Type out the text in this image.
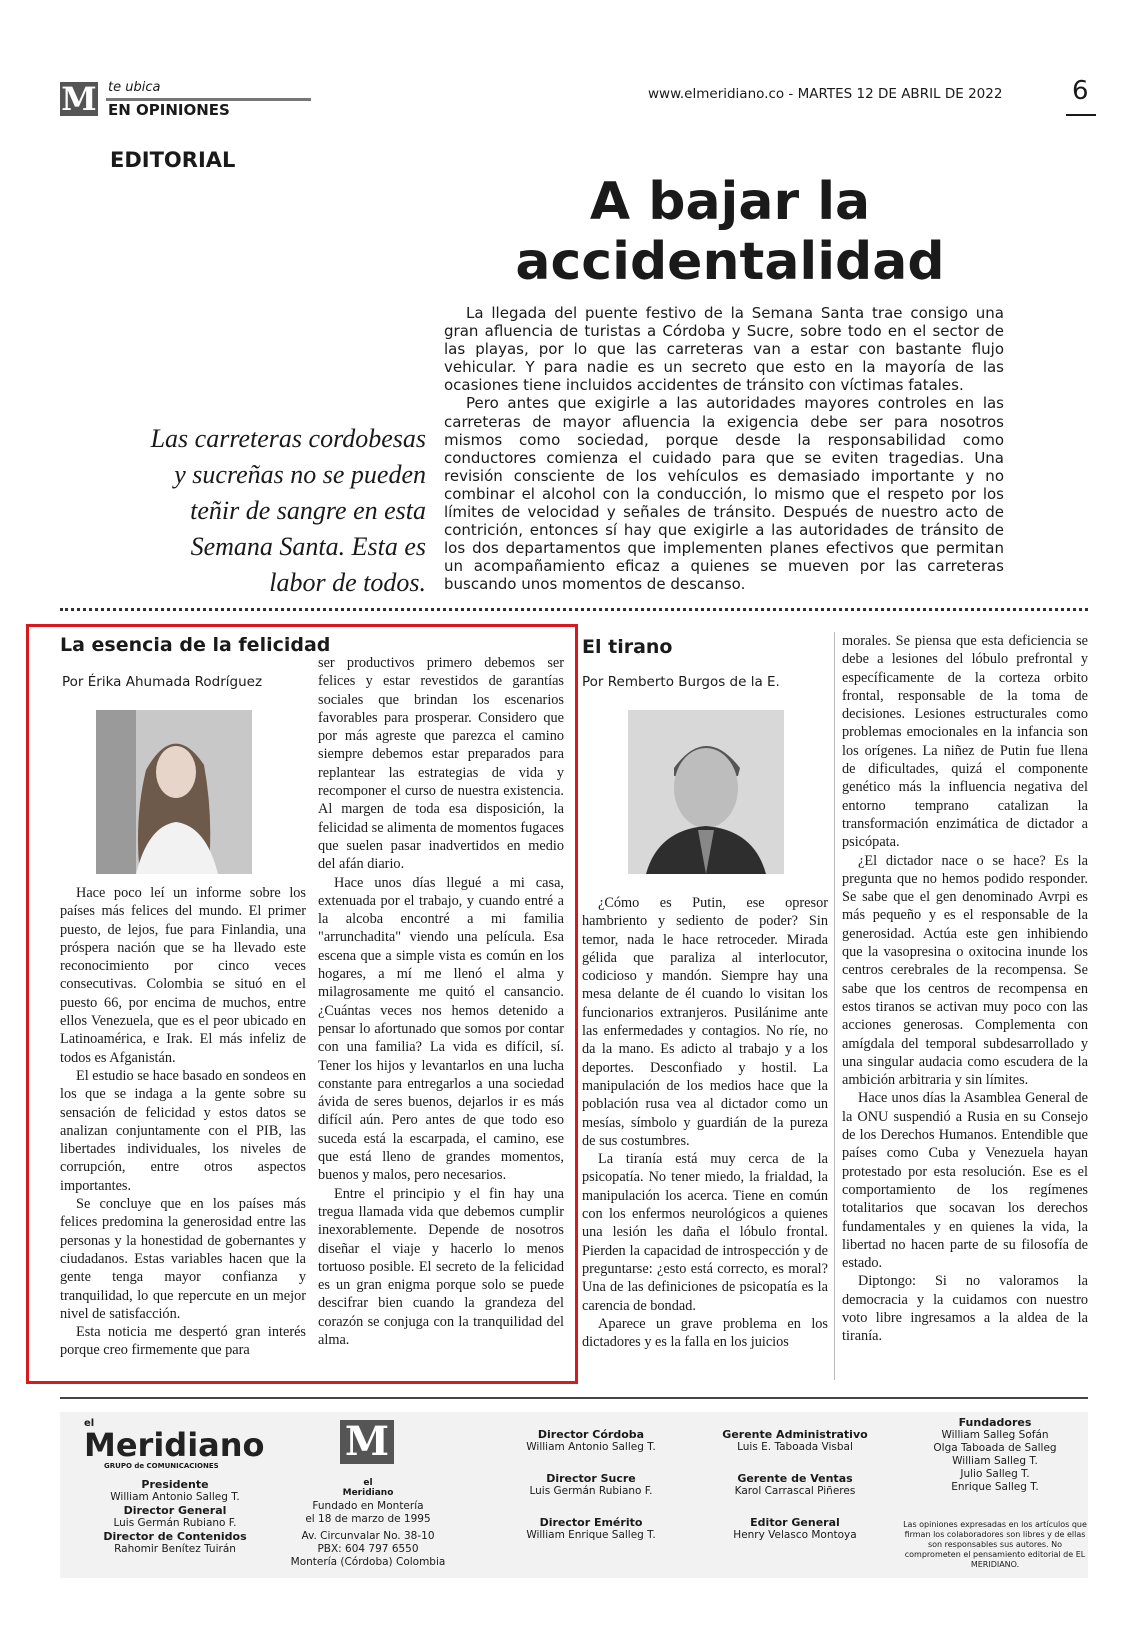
M te ubica
EN OPINIONES
www.elmeridiano.co - MARTES 12 DE ABRIL DE 2022	6
EDITORIAL
A bajar la
accidentalidad
Las carreteras cordobesas y sucreñas no se pueden teñir de sangre en esta Semana Santa. Esta es labor de todos.

La llegada del puente festivo de la Semana Santa trae consigo una gran afluencia de turistas a Córdoba y Sucre, sobre todo en el sector de las playas, por lo que las carreteras van a estar con bastante flujo vehicular. Y para nadie es un secreto que esto en la mayoría de las ocasiones tiene incluidos accidentes de tránsito con víctimas fatales.

Pero antes que exigirle a las autoridades mayores controles en las carreteras de mayor afluencia la exigencia debe ser para nosotros mismos como sociedad, porque desde la responsabilidad como conductores comienza el cuidado para que se eviten tragedias. Una revisión consciente de los vehículos es demasiado importante y no combinar el alcohol con la conducción, lo mismo que el respeto por los límites de velocidad y señales de tránsito. Después de nuestro acto de contrición, entonces sí hay que exigirle a las autoridades de tránsito de los dos departamentos que implementen planes efectivos que permitan un acompañamiento eficaz a quienes se mueven por las carreteras buscando unos momentos de descanso.

La esencia de la felicidad
Por Érika Ahumada Rodríguez

Hace poco leí un informe sobre los países más felices del mundo. El primer puesto, de lejos, fue para Finlandia, una próspera nación que se ha llevado este reconocimiento por cinco veces consecutivas. Colombia se situó en el puesto 66, por encima de muchos, entre ellos Venezuela, que es el peor ubicado en Latinoamérica, e Irak. El más infeliz de todos es Afganistán.

El estudio se hace basado en sondeos en los que se indaga a la gente sobre su sensación de felicidad y estos datos se analizan conjuntamente con el PIB, las libertades individuales, los niveles de corrupción, entre otros aspectos importantes.

Se concluye que en los países más felices predomina la generosidad entre las personas y la honestidad de gobernantes y ciudadanos. Estas variables hacen que la gente tenga mayor confianza y tranquilidad, lo que repercute en un mejor nivel de satisfacción.

Esta noticia me despertó gran interés porque creo firmemente que para

ser productivos primero debemos ser felices y estar revestidos de garantías sociales que brindan los escenarios favorables para prosperar. Considero que por más agreste que parezca el camino siempre debemos estar preparados para replantear las estrategias de vida y recomponer el curso de nuestra existencia. Al margen de toda esa disposición, la felicidad se alimenta de momentos fugaces que suelen pasar inadvertidos en medio del afán diario.

Hace unos días llegué a mi casa, extenuada por el trabajo, y cuando entré a la alcoba encontré a mi familia "arrunchadita" viendo una película. Esa escena que a simple vista es común en los hogares, a mí me llenó el alma y milagrosamente me quitó el cansancio. ¿Cuántas veces nos hemos detenido a pensar lo afortunado que somos por contar con una familia? La vida es difícil, sí. Tener los hijos y levantarlos en una lucha constante para entregarlos a una sociedad ávida de seres buenos, dejarlos ir es más difícil aún. Pero antes de que todo eso suceda está la escarpada, el camino, ese que está lleno de grandes momentos, buenos y malos, pero necesarios.

Entre el principio y el fin hay una tregua llamada vida que debemos cumplir inexorablemente. Depende de nosotros diseñar el viaje y hacerlo lo menos tortuoso posible. El secreto de la felicidad es un gran enigma porque solo se puede descifrar bien cuando la grandeza del corazón se conjuga con la tranquilidad del alma.

El tirano
Por Remberto Burgos de la E.

¿Cómo es Putin, ese opresor hambriento y sediento de poder? Sin temor, nada le hace retroceder. Mirada gélida que paraliza al interlocutor, codicioso y mandón. Siempre hay una mesa delante de él cuando lo visitan los funcionarios extranjeros. Pusilánime ante las enfermedades y contagios. No ríe, no da la mano. Es adicto al trabajo y a los deportes. Desconfiado y hostil. La manipulación de los medios hace que la población rusa vea al dictador como un mesías, símbolo y guardián de la pureza de sus costumbres.

La tiranía está muy cerca de la psicopatía. No tener miedo, la frialdad, la manipulación los acerca. Tiene en común con los enfermos neurológicos a quienes una lesión les daña el lóbulo frontal. Pierden la capacidad de introspección y de preguntarse: ¿esto está correcto, es moral? Una de las definiciones de psicopatía es la carencia de bondad.

Aparece un grave problema en los dictadores y es la falla en los juicios

morales. Se piensa que esta deficiencia se debe a lesiones del lóbulo prefrontal y específicamente de la corteza orbito frontal, responsable de la toma de decisiones. Lesiones estructurales como problemas emocionales en la infancia son los orígenes. La niñez de Putin fue llena de dificultades, quizá el componente genético más la influencia negativa del entorno temprano catalizan la transformación enzimática de dictador a psicópata.

¿El dictador nace o se hace? Es la pregunta que no hemos podido responder. Se sabe que el gen denominado Avrpi es más pequeño y es el responsable de la generosidad. Actúa este gen inhibiendo que la vasopresina o oxitocina inunde los centros cerebrales de la recompensa. Se sabe que los centros de recompensa en estos tiranos se activan muy poco con las acciones generosas. Complementa con amígdala del temporal subdesarrollado y una singular audacia como escudera de la ambición arbitraria y sin límites.

Hace unos días la Asamblea General de la ONU suspendió a Rusia en su Consejo de los Derechos Humanos. Entendible que países como Cuba y Venezuela hayan protestado por esta resolución. Ese es el comportamiento de los regímenes totalitarios que socavan los derechos fundamentales y en quienes la vida, la libertad no hacen parte de su filosofía de estado.

Diptongo: Si no valoramos la democracia y la cuidamos con nuestro voto libre ingresamos a la aldea de la tiranía.

el
Meridiano
GRUPO de COMUNICACIONES
Presidente
William Antonio Salleg T.
Director General
Luis Germán Rubiano F.
Director de Contenidos
Rahomir Benítez Tuirán
M
el Meridiano
Fundado en Montería
el 18 de marzo de 1995
Av. Circunvalar No. 38-10
PBX: 604 797 6550
Montería (Córdoba) Colombia
Director Córdoba
William Antonio Salleg T.
Director Sucre
Luis Germán Rubiano F.
Director Emérito
William Enrique Salleg T.
Gerente Administrativo
Luis E. Taboada Visbal
Gerente de Ventas
Karol Carrascal Piñeres
Editor General
Henry Velasco Montoya
Fundadores
William Salleg Sofán
Olga Taboada de Salleg
William Salleg T.
Julio Salleg T.
Enrique Salleg T.
Las opiniones expresadas en los artículos que firman los colaboradores son libres y de ellas son responsables sus autores. No comprometen el pensamiento editorial de EL MERIDIANO.
